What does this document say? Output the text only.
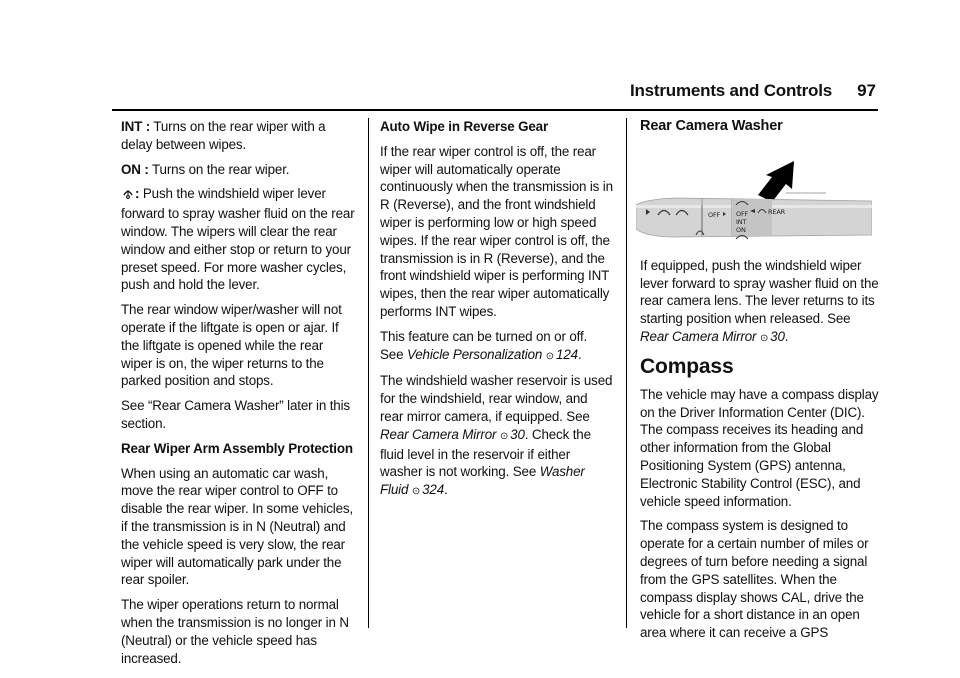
Instruments and Controls 97

INT : Turns on the rear wiper with a delay between wipes.

ON : Turns on the rear wiper.

: Push the windshield wiper lever forward to spray washer fluid on the rear window. The wipers will clear the rear window and either stop or return to your preset speed. For more washer cycles, push and hold the lever.

The rear window wiper/washer will not operate if the liftgate is open or ajar. If the liftgate is opened while the rear wiper is on, the wiper returns to the parked position and stops.

See “Rear Camera Washer” later in this section.

Rear Wiper Arm Assembly Protection

When using an automatic car wash, move the rear wiper control to OFF to disable the rear wiper. In some vehicles, if the transmission is in N (Neutral) and the vehicle speed is very slow, the rear wiper will automatically park under the rear spoiler.

The wiper operations return to normal when the transmission is no longer in N (Neutral) or the vehicle speed has increased.

Auto Wipe in Reverse Gear

If the rear wiper control is off, the rear wiper will automatically operate continuously when the transmission is in R (Reverse), and the front windshield wiper is performing low or high speed wipes. If the rear wiper control is off, the transmission is in R (Reverse), and the front windshield wiper is performing INT wipes, then the rear wiper automatically performs INT wipes.

This feature can be turned on or off. See Vehicle Personalization ⊙ 124.

The windshield washer reservoir is used for the windshield, rear window, and rear mirror camera, if equipped. See Rear Camera Mirror ⊙ 30. Check the fluid level in the reservoir if either washer is not working. See Washer Fluid ⊙ 324.

Rear Camera Washer

OFF OFF
INT
ON
REAR

If equipped, push the windshield wiper lever forward to spray washer fluid on the rear camera lens. The lever returns to its starting position when released. See Rear Camera Mirror ⊙ 30.

Compass

The vehicle may have a compass display on the Driver Information Center (DIC). The compass receives its heading and other information from the Global Positioning System (GPS) antenna, Electronic Stability Control (ESC), and vehicle speed information.

The compass system is designed to operate for a certain number of miles or degrees of turn before needing a signal from the GPS satellites. When the compass display shows CAL, drive the vehicle for a short distance in an open area where it can receive a GPS
